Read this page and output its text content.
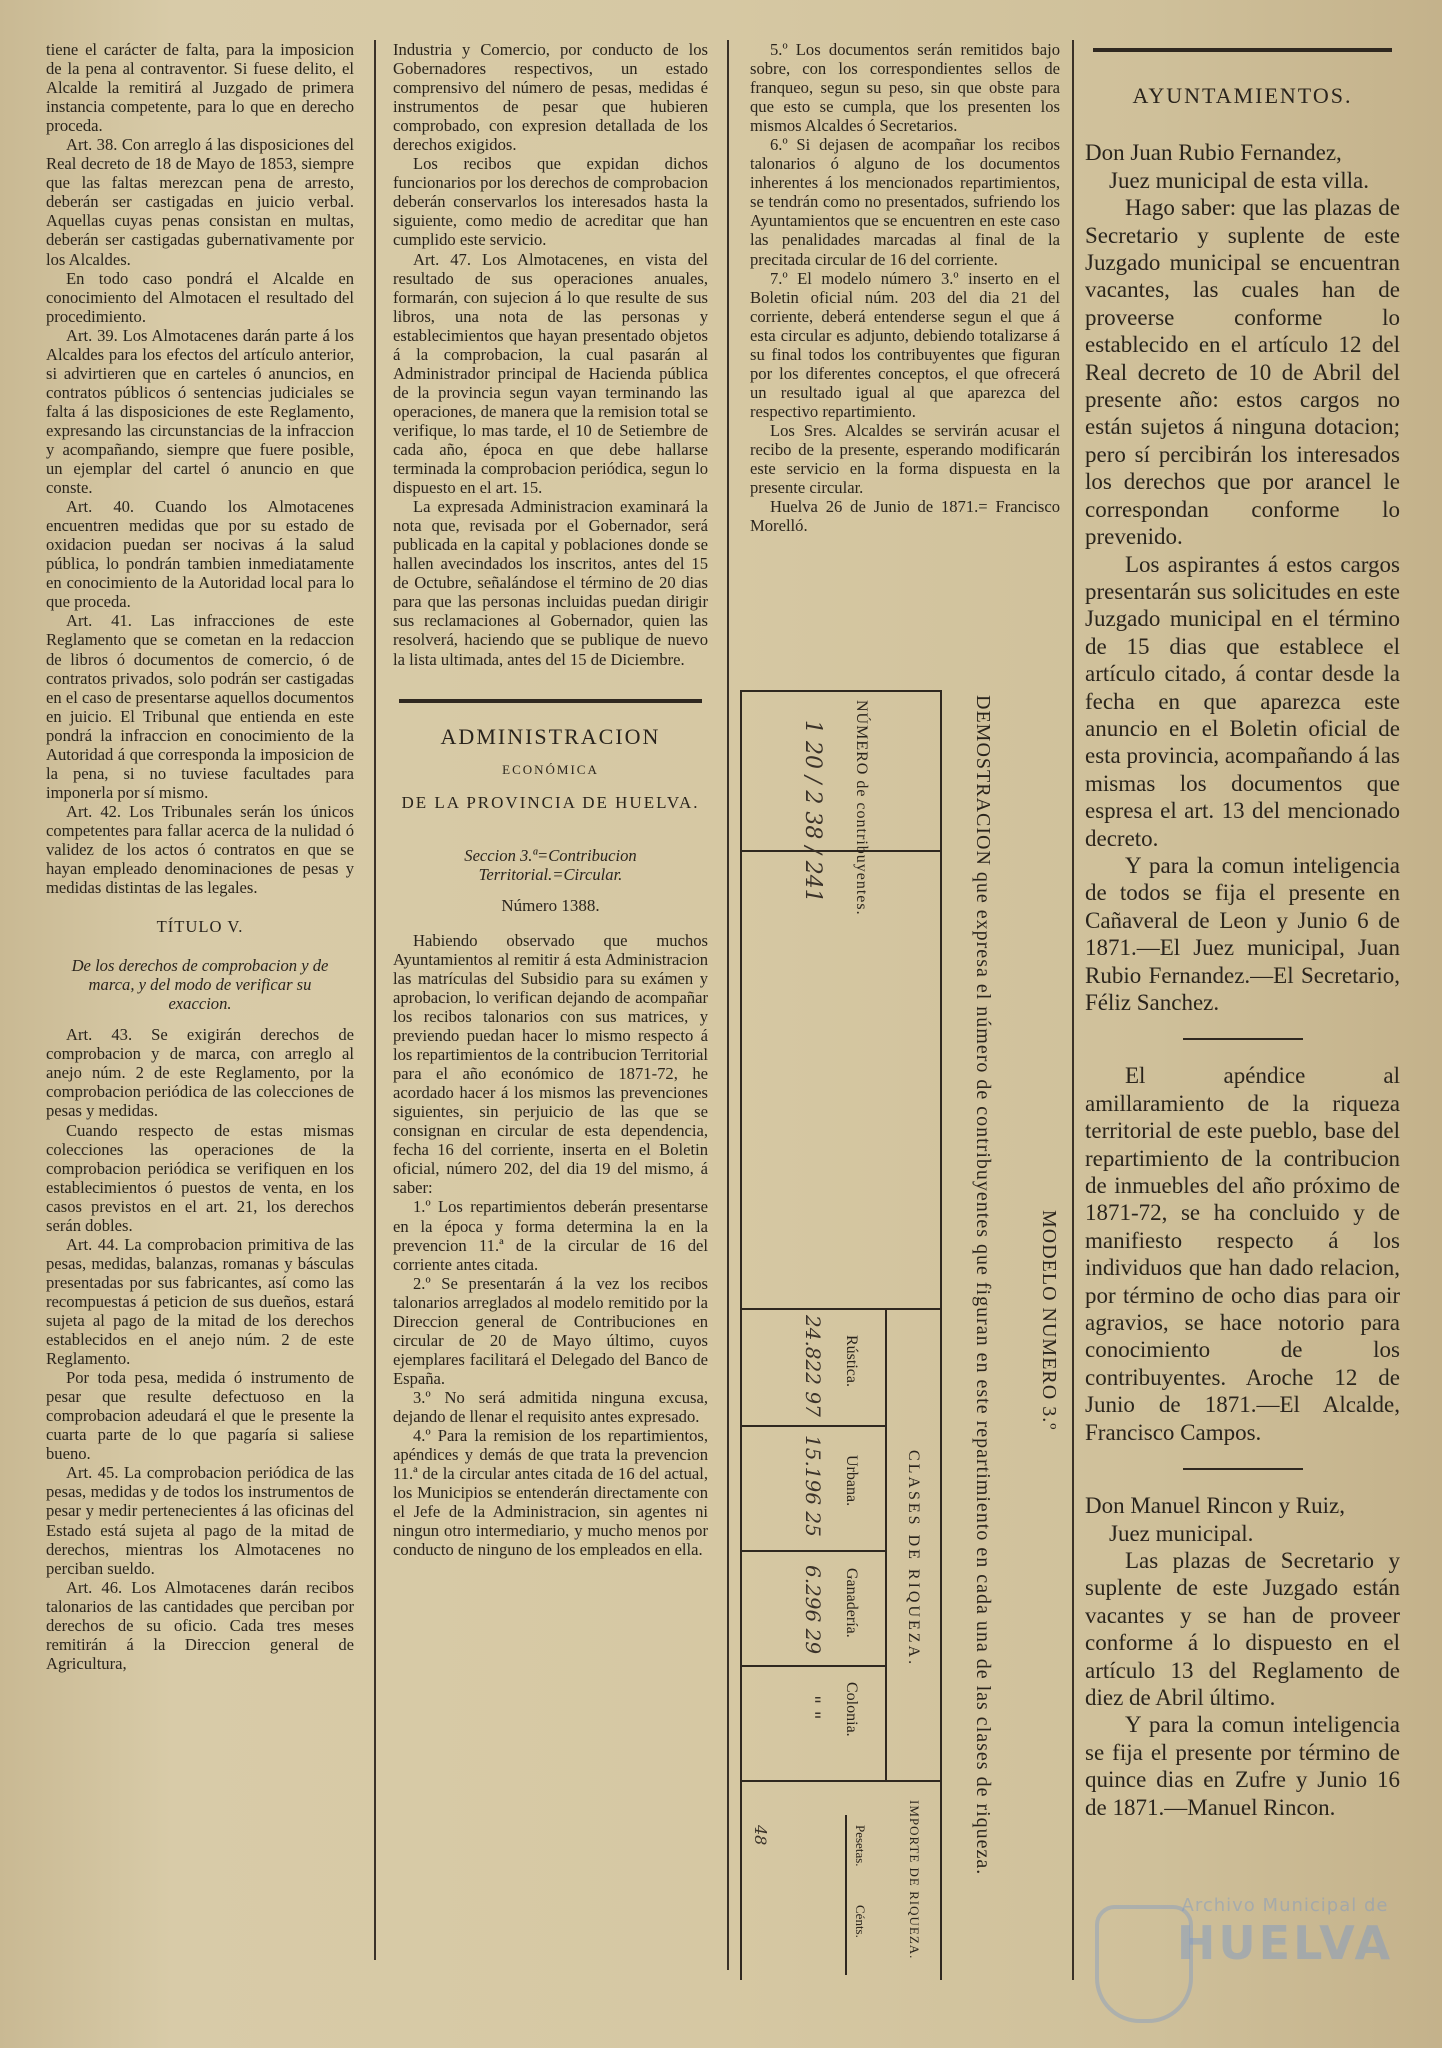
tiene el carácter de falta, para la imposicion de la pena al contraventor. Si fuese delito, el Alcalde la remitirá al Juzgado de primera instancia competente, para lo que en derecho proceda.

Art. 38. Con arreglo á las disposiciones del Real decreto de 18 de Mayo de 1853, siempre que las faltas merezcan pena de arresto, deberán ser castigadas en juicio verbal. Aquellas cuyas penas consistan en multas, deberán ser castigadas gubernativamente por los Alcaldes.

En todo caso pondrá el Alcalde en conocimiento del Almotacen el resultado del procedimiento.

Art. 39. Los Almotacenes darán parte á los Alcaldes para los efectos del artículo anterior, si advirtieren que en carteles ó anuncios, en contratos públicos ó sentencias judiciales se falta á las disposiciones de este Reglamento, expresando las circunstancias de la infraccion y acompañando, siempre que fuere posible, un ejemplar del cartel ó anuncio en que conste.

Art. 40. Cuando los Almotacenes encuentren medidas que por su estado de oxidacion puedan ser nocivas á la salud pública, lo pondrán tambien inmediatamente en conocimiento de la Autoridad local para lo que proceda.

Art. 41. Las infracciones de este Reglamento que se cometan en la redaccion de libros ó documentos de comercio, ó de contratos privados, solo podrán ser castigadas en el caso de presentarse aquellos documentos en juicio. El Tribunal que entienda en este pondrá la infraccion en conocimiento de la Autoridad á que corresponda la imposicion de la pena, si no tuviese facultades para imponerla por sí mismo.

Art. 42. Los Tribunales serán los únicos competentes para fallar acerca de la nulidad ó validez de los actos ó contratos en que se hayan empleado denominaciones de pesas y medidas distintas de las legales.

TÍTULO V.

De los derechos de comprobacion y de marca, y del modo de verificar su exaccion.

Art. 43. Se exigirán derechos de comprobacion y de marca, con arreglo al anejo núm. 2 de este Reglamento, por la comprobacion periódica de las colecciones de pesas y medidas.

Cuando respecto de estas mismas colecciones las operaciones de la comprobacion periódica se verifiquen en los establecimientos ó puestos de venta, en los casos previstos en el art. 21, los derechos serán dobles.

Art. 44. La comprobacion primitiva de las pesas, medidas, balanzas, romanas y básculas presentadas por sus fabricantes, así como las recompuestas á peticion de sus dueños, estará sujeta al pago de la mitad de los derechos establecidos en el anejo núm. 2 de este Reglamento.

Por toda pesa, medida ó instrumento de pesar que resulte defectuoso en la comprobacion adeudará el que le presente la cuarta parte de lo que pagaría si saliese bueno.

Art. 45. La comprobacion periódica de las pesas, medidas y de todos los instrumentos de pesar y medir pertenecientes á las oficinas del Estado está sujeta al pago de la mitad de derechos, mientras los Almotacenes no perciban sueldo.

Art. 46. Los Almotacenes darán recibos talonarios de las cantidades que perciban por derechos de su oficio. Cada tres meses remitirán á la Direccion general de Agricultura,

Industria y Comercio, por conducto de los Gobernadores respectivos, un estado comprensivo del número de pesas, medidas é instrumentos de pesar que hubieren comprobado, con expresion detallada de los derechos exigidos.

Los recibos que expidan dichos funcionarios por los derechos de comprobacion deberán conservarlos los interesados hasta la siguiente, como medio de acreditar que han cumplido este servicio.

Art. 47. Los Almotacenes, en vista del resultado de sus operaciones anuales, formarán, con sujecion á lo que resulte de sus libros, una nota de las personas y establecimientos que hayan presentado objetos á la comprobacion, la cual pasarán al Administrador principal de Hacienda pública de la provincia segun vayan terminando las operaciones, de manera que la remision total se verifique, lo mas tarde, el 10 de Setiembre de cada año, época en que debe hallarse terminada la comprobacion periódica, segun lo dispuesto en el art. 15.

La expresada Administracion examinará la nota que, revisada por el Gobernador, será publicada en la capital y poblaciones donde se hallen avecindados los inscritos, antes del 15 de Octubre, señalándose el término de 20 dias para que las personas incluidas puedan dirigir sus reclamaciones al Gobernador, quien las resolverá, haciendo que se publique de nuevo la lista ultimada, antes del 15 de Diciembre.

ADMINISTRACION

ECONÓMICA

DE LA PROVINCIA DE HUELVA.

Seccion 3.ª=Contribucion Territorial.=Circular.

Número 1388.

Habiendo observado que muchos Ayuntamientos al remitir á esta Administracion las matrículas del Subsidio para su exámen y aprobacion, lo verifican dejando de acompañar los recibos talonarios con sus matrices, y previendo puedan hacer lo mismo respecto á los repartimientos de la contribucion Territorial para el año económico de 1871-72, he acordado hacer á los mismos las prevenciones siguientes, sin perjuicio de las que se consignan en circular de esta dependencia, fecha 16 del corriente, inserta en el Boletin oficial, número 202, del dia 19 del mismo, á saber:

1.º Los repartimientos deberán presentarse en la época y forma determina la en la prevencion 11.ª de la circular de 16 del corriente antes citada.

2.º Se presentarán á la vez los recibos talonarios arreglados al modelo remitido por la Direccion general de Contribuciones en circular de 20 de Mayo último, cuyos ejemplares facilitará el Delegado del Banco de España.

3.º No será admitida ninguna excusa, dejando de llenar el requisito antes expresado.

4.º Para la remision de los repartimientos, apéndices y demás de que trata la prevencion 11.ª de la circular antes citada de 16 del actual, los Municipios se entenderán directamente con el Jefe de la Administracion, sin agentes ni ningun otro intermediario, y mucho menos por conducto de ninguno de los empleados en ella.

5.º Los documentos serán remitidos bajo sobre, con los correspondientes sellos de franqueo, segun su peso, sin que obste para que esto se cumpla, que los presenten los mismos Alcaldes ó Secretarios.

6.º Si dejasen de acompañar los recibos talonarios ó alguno de los documentos inherentes á los mencionados repartimientos, se tendrán como no presentados, sufriendo los Ayuntamientos que se encuentren en este caso las penalidades marcadas al final de la precitada circular de 16 del corriente.

7.º El modelo número 3.º inserto en el Boletin oficial núm. 203 del dia 21 del corriente, deberá entenderse segun el que á esta circular es adjunto, debiendo totalizarse á su final todos los contribuyentes que figuran por los diferentes conceptos, el que ofrecerá un resultado igual al que aparezca del respectivo repartimiento.

Los Sres. Alcaldes se servirán acusar el recibo de la presente, esperando modificarán este servicio en la forma dispuesta en la presente circular.

Huelva 26 de Junio de 1871.= Francisco Morelló.

NÚMERO de contribuyentes.
Rústica.
Urbana.
Ganadería.
Colonia.
CLASES DE RIQUEZA.
IMPORTE DE RIQUEZA.
Pesetas.
Cénts.
1 20 / 2 38 / 241
24.822 97
15.196 25
6.296 29
" "
48	DEMOSTRACION que expresa el número de contribuyentes que figuran en este repartimiento en cada una de las clases de riqueza. MODELO NUMERO 3.º

AYUNTAMIENTOS.

Don Juan Rubio Fernandez,

Juez municipal de esta villa.

Hago saber: que las plazas de Secretario y suplente de este Juzgado municipal se encuentran vacantes, las cuales han de proveerse conforme lo establecido en el artículo 12 del Real decreto de 10 de Abril del presente año: estos cargos no están sujetos á ninguna dotacion; pero sí percibirán los interesados los derechos que por arancel le correspondan conforme lo prevenido.

Los aspirantes á estos cargos presentarán sus solicitudes en este Juzgado municipal en el término de 15 dias que establece el artículo citado, á contar desde la fecha en que aparezca este anuncio en el Boletin oficial de esta provincia, acompañando á las mismas los documentos que espresa el art. 13 del mencionado decreto.

Y para la comun inteligencia de todos se fija el presente en Cañaveral de Leon y Junio 6 de 1871.—El Juez municipal, Juan Rubio Fernandez.—El Secretario, Féliz Sanchez.

El apéndice al amillaramiento de la riqueza territorial de este pueblo, base del repartimiento de la contribucion de inmuebles del año próximo de 1871-72, se ha concluido y de manifiesto respecto á los individuos que han dado relacion, por término de ocho dias para oir agravios, se hace notorio para conocimiento de los contribuyentes. Aroche 12 de Junio de 1871.—El Alcalde, Francisco Campos.

Don Manuel Rincon y Ruiz,

Juez municipal.

Las plazas de Secretario y suplente de este Juzgado están vacantes y se han de proveer conforme á lo dispuesto en el artículo 13 del Reglamento de diez de Abril último.

Y para la comun inteligencia se fija el presente por término de quince dias en Zufre y Junio 16 de 1871.—Manuel Rincon.

Archivo Municipal de
HUELVA
